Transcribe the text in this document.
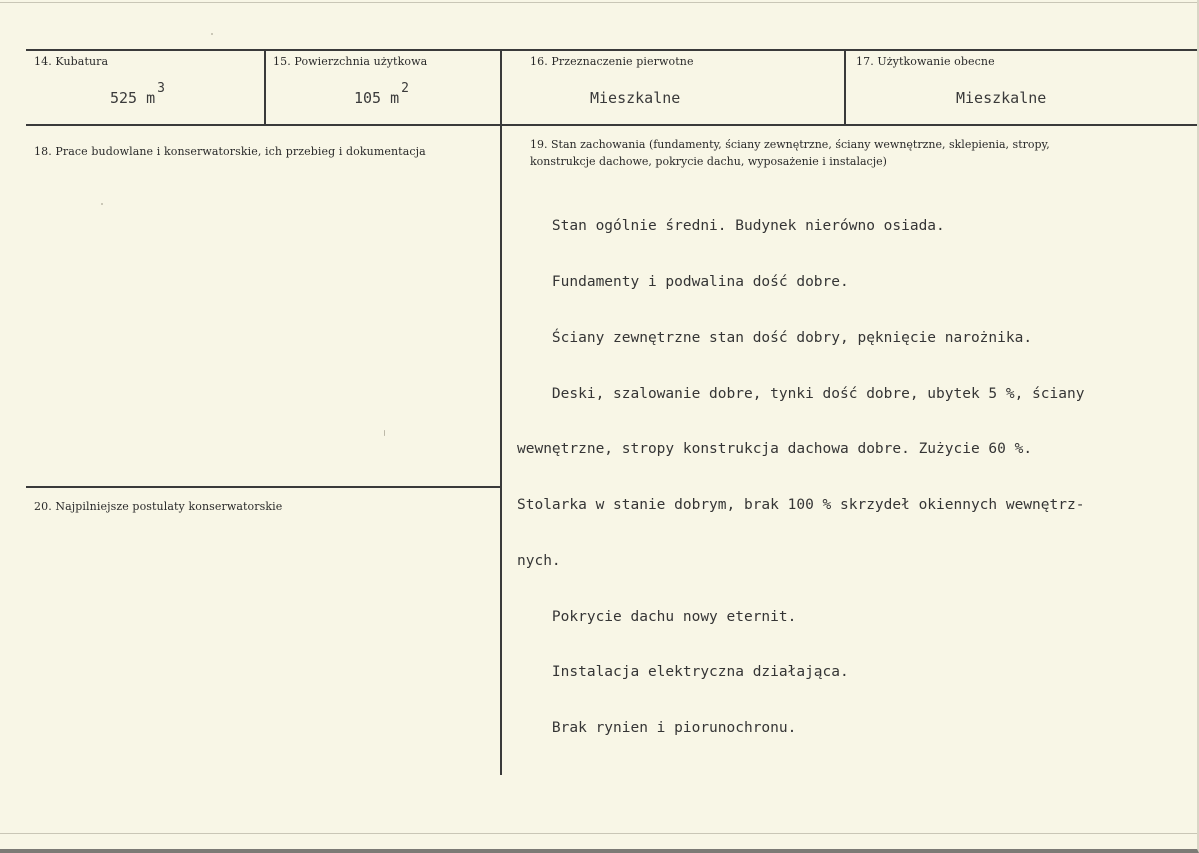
14. Kubatura
525 m3
15. Powierzchnia użytkowa
105 m2
16. Przeznaczenie pierwotne
Mieszkalne
17. Użytkowanie obecne
Mieszkalne
18. Prace budowlane i konserwatorskie, ich przebieg i dokumentacja
19. Stan zachowania (fundamenty, ściany zewnętrzne, ściany wewnętrzne, sklepienia, stropy,
konstrukcje dachowe, pokrycie dachu, wyposażenie i instalacje)

Stan ogólnie średni. Budynek nierówno osiada.

Fundamenty i podwalina dość dobre.

Ściany zewnętrzne stan dość dobry, pęknięcie narożnika.

Deski, szalowanie dobre, tynki dość dobre, ubytek 5 %, ściany

wewnętrzne, stropy konstrukcja dachowa dobre. Zużycie 60 %.

Stolarka w stanie dobrym, brak 100 % skrzydeł okiennych wewnętrz-

nych.

Pokrycie dachu nowy eternit.

Instalacja elektryczna działająca.

Brak rynien i piorunochronu.

20. Najpilniejsze postulaty konserwatorskie
